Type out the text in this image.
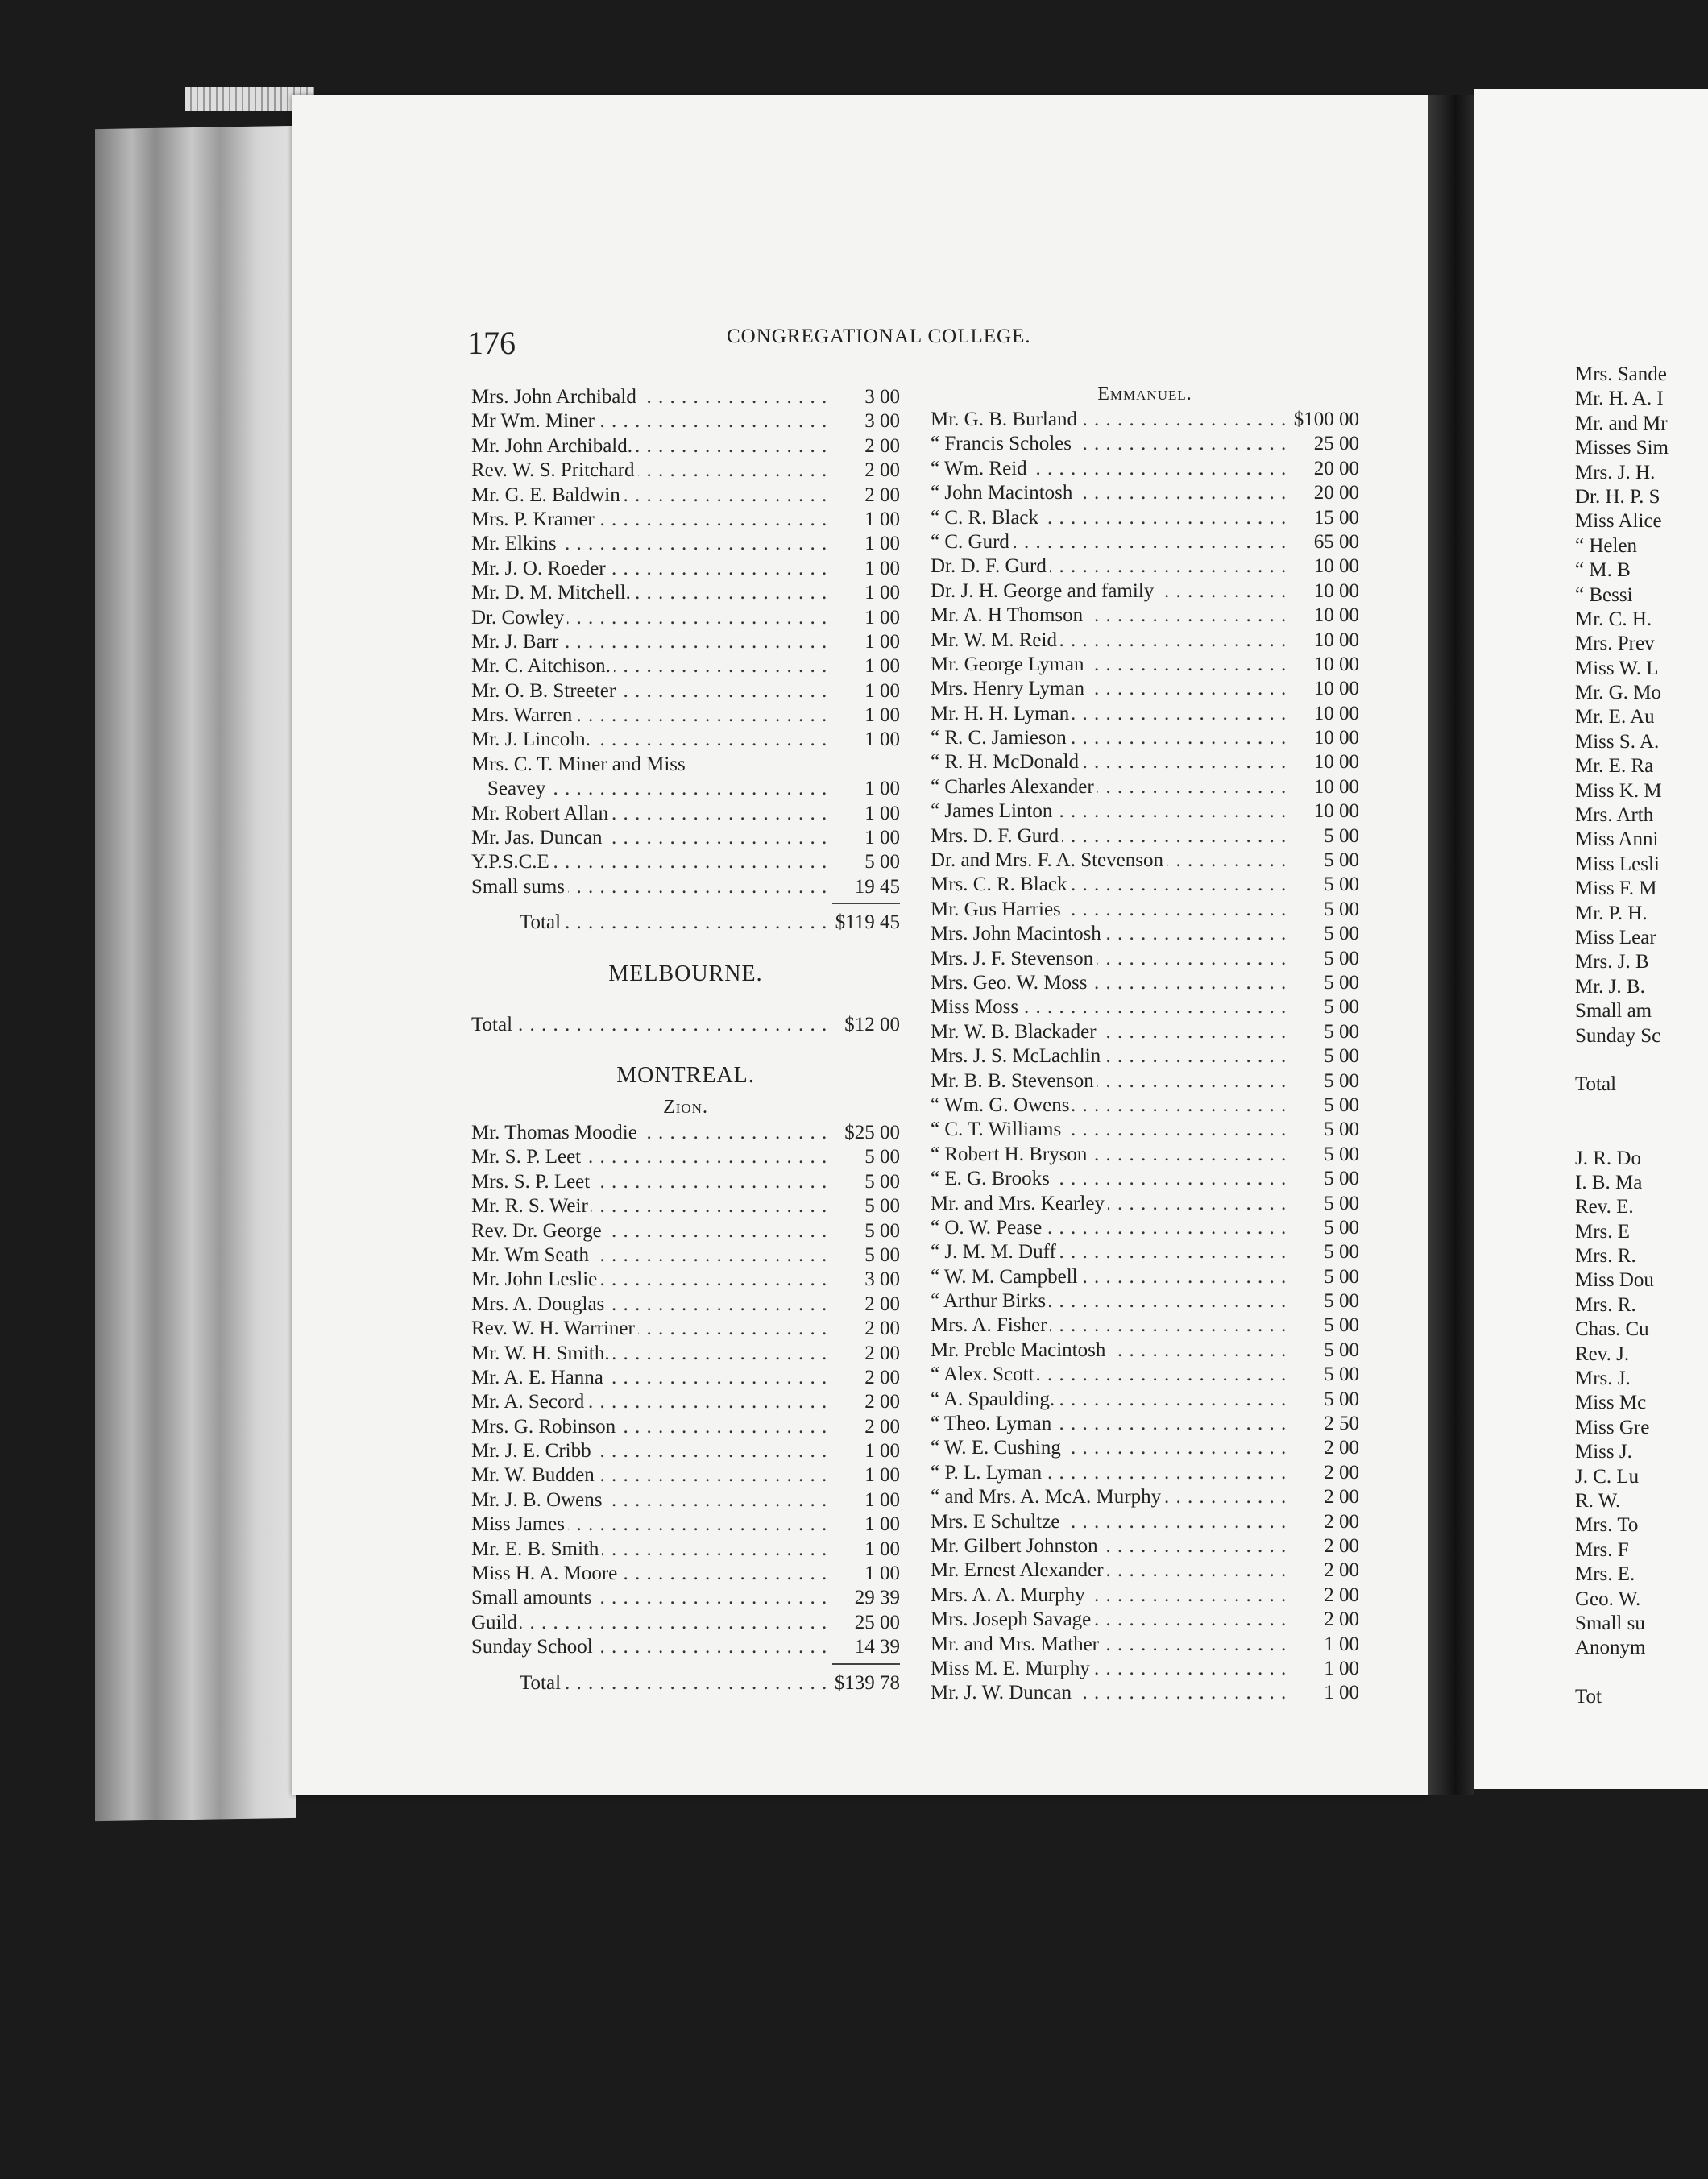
176	CONGREGATIONAL COLLEGE.
Mrs. John Archibald . . .	3 00
Mr Wm. Miner . . .	3 00
Mr. John Archibald. . . .	2 00
Rev. W. S. Pritchard . . .	2 00
Mr. G. E. Baldwin . . .	2 00
Mrs. P. Kramer . . .	1 00
Mr. Elkins . . .	1 00
Mr. J. O. Roeder . . .	1 00
Mr. D. M. Mitchell. . . .	1 00
Dr. Cowley . . .	1 00
Mr. J. Barr . . .	1 00
Mr. C. Aitchison. . . .	1 00
Mr. O. B. Streeter . . .	1 00
Mrs. Warren . . .	1 00
Mr. J. Lincoln. . . .	1 00
Mrs. C. T. Miner and Miss
Seavey . . .	1 00
Mr. Robert Allan . . .	1 00
Mr. Jas. Duncan . . .	1 00
Y.P.S.C.E . . .	5 00
Small sums . . .	19 45
Total . . .	$119 45
MELBOURNE.
Total . . .	$12 00
MONTREAL.
Zion.
Mr. Thomas Moodie . . .	$25 00
Mr. S. P. Leet . . .	5 00
Mrs. S. P. Leet . . .	5 00
Mr. R. S. Weir . . .	5 00
Rev. Dr. George . . .	5 00
Mr. Wm Seath . . .	5 00
Mr. John Leslie . . .	3 00
Mrs. A. Douglas . . .	2 00
Rev. W. H. Warriner . . .	2 00
Mr. W. H. Smith. . . .	2 00
Mr. A. E. Hanna . . .	2 00
Mr. A. Secord . . .	2 00
Mrs. G. Robinson . . .	2 00
Mr. J. E. Cribb . . .	1 00
Mr. W. Budden . . .	1 00
Mr. J. B. Owens . . .	1 00
Miss James . . .	1 00
Mr. E. B. Smith . . .	1 00
Miss H. A. Moore . . .	1 00
Small amounts . . .	29 39
Guild . . .	25 00
Sunday School . . .	14 39
Total . . .	$139 78
Emmanuel.
Mr. G. B. Burland . . .	$100 00
“ Francis Scholes . . .	25 00
“ Wm. Reid . . .	20 00
“ John Macintosh . . .	20 00
“ C. R. Black . . .	15 00
“ C. Gurd . . .	65 00
Dr. D. F. Gurd . . .	10 00
Dr. J. H. George and family . . .	10 00
Mr. A. H Thomson . . .	10 00
Mr. W. M. Reid . . .	10 00
Mr. George Lyman . . .	10 00
Mrs. Henry Lyman . . .	10 00
Mr. H. H. Lyman . . .	10 00
“ R. C. Jamieson . . .	10 00
“ R. H. McDonald . . .	10 00
“ Charles Alexander . . .	10 00
“ James Linton . . .	10 00
Mrs. D. F. Gurd . . .	5 00
Dr. and Mrs. F. A. Stevenson . . .	5 00
Mrs. C. R. Black . . .	5 00
Mr. Gus Harries . . .	5 00
Mrs. John Macintosh . . .	5 00
Mrs. J. F. Stevenson . . .	5 00
Mrs. Geo. W. Moss . . .	5 00
Miss Moss . . .	5 00
Mr. W. B. Blackader . . .	5 00
Mrs. J. S. McLachlin . . .	5 00
Mr. B. B. Stevenson . . .	5 00
“ Wm. G. Owens . . .	5 00
“ C. T. Williams . . .	5 00
“ Robert H. Bryson . . .	5 00
“ E. G. Brooks . . .	5 00
Mr. and Mrs. Kearley . . .	5 00
“ O. W. Pease . . .	5 00
“ J. M. M. Duff . . .	5 00
“ W. M. Campbell . . .	5 00
“ Arthur Birks . . .	5 00
Mrs. A. Fisher . . .	5 00
Mr. Preble Macintosh . . .	5 00
“ Alex. Scott . . .	5 00
“ A. Spaulding. . . .	5 00
“ Theo. Lyman . . .	2 50
“ W. E. Cushing . . .	2 00
“ P. L. Lyman . . .	2 00
“ and Mrs. A. McA. Murphy . . .	2 00
Mrs. E Schultze . . .	2 00
Mr. Gilbert Johnston . . .	2 00
Mr. Ernest Alexander . . .	2 00
Mrs. A. A. Murphy . . .	2 00
Mrs. Joseph Savage . . .	2 00
Mr. and Mrs. Mather . . .	1 00
Miss M. E. Murphy . . .	1 00
Mr. J. W. Duncan . . .	1 00
Mrs. Sande
Mr. H. A. I
Mr. and Mr
Misses Sim
Mrs. J. H.
Dr. H. P. S
Miss Alice
“ Helen
“ M. B
“ Bessi
Mr. C. H.
Mrs. Prev
Miss W. L
Mr. G. Mo
Mr. E. Au
Miss S. A.
Mr. E. Ra
Miss K. M
Mrs. Arth
Miss Anni
Miss Lesli
Miss F. M
Mr. P. H.
Miss Lear
Mrs. J. B
Mr. J. B.
Small am
Sunday Sc
Total
J. R. Do
I. B. Ma
Rev. E.
Mrs. E
Mrs. R.
Miss Dou
Mrs. R.
Chas. Cu
Rev. J.
Mrs. J.
Miss Mc
Miss Gre
Miss J.
J. C. Lu
R. W.
Mrs. To
Mrs. F
Mrs. E.
Geo. W.
Small su
Anonym
Tot
